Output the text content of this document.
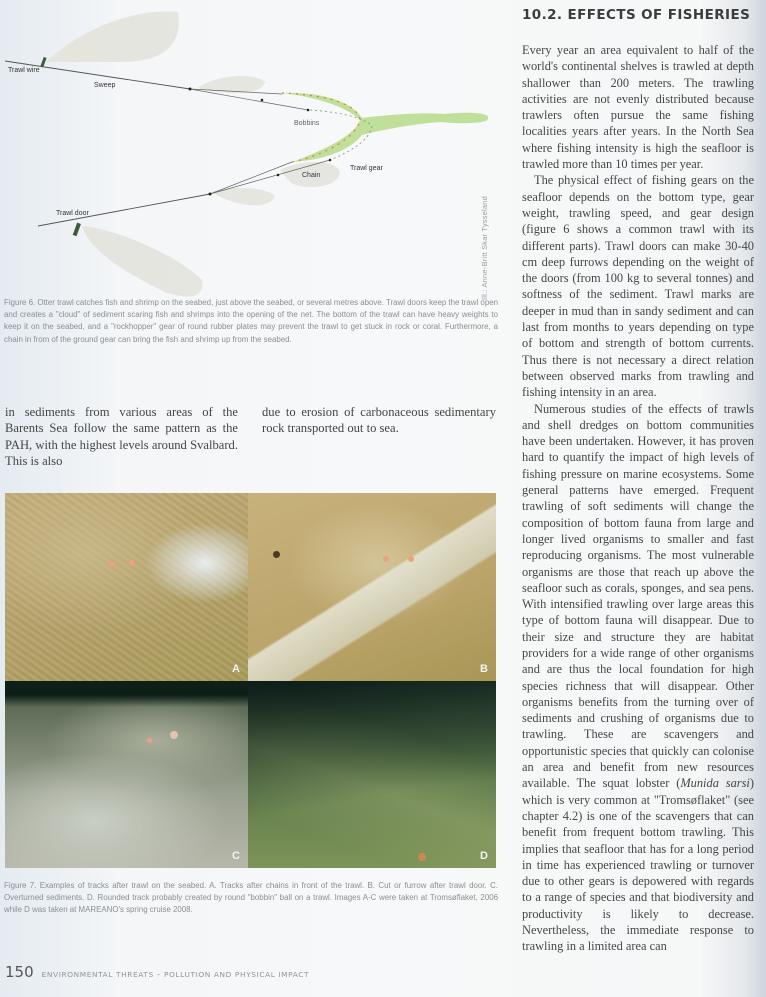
Trawl wire
Sweep
Bobbins
Trawl gear
Chain
Trawl door	Ill.: Anne-Britt Skar Tysseland
Figure 6. Otter trawl catches fish and shrimp on the seabed, just above the seabed, or several metres above. Trawl doors keep the trawl open and creates a "cloud" of sediment scaring fish and shrimps into the opening of the net. The bottom of the trawl can have heavy weights to keep it on the seabed, and a "rockhopper" gear of round rubber plates may prevent the trawl to get stuck in rock or coral. Furthermore, a chain in from of the ground gear can bring the fish and shrimp up from the seabed.
in sediments from various areas of the Barents Sea follow the same pattern as the PAH, with the highest levels around Svalbard. This is also
due to erosion of carbonaceous sedimentary rock transported out to sea.
10.2. EFFECTS OF FISHERIES

Every year an area equivalent to half of the world's continental shelves is trawled at depth shallower than 200 meters. The trawling activities are not evenly distributed because trawlers often pursue the same fishing localities years after years. In the North Sea where fishing intensity is high the seafloor is trawled more than 10 times per year.

The physical effect of fishing gears on the seafloor depends on the bottom type, gear weight, trawling speed, and gear design (figure 6 shows a common trawl with its different parts). Trawl doors can make 30-40 cm deep furrows depending on the weight of the doors (from 100 kg to several tonnes) and softness of the sediment. Trawl marks are deeper in mud than in sandy sediment and can last from months to years depending on type of bottom and strength of bottom currents. Thus there is not necessary a direct relation between observed marks from trawling and fishing intensity in an area.

Numerous studies of the effects of trawls and shell dredges on bottom communities have been undertaken. However, it has proven hard to quantify the impact of high levels of fishing pressure on marine ecosystems. Some general patterns have emerged. Frequent trawling of soft sediments will change the composition of bottom fauna from large and longer lived organisms to smaller and fast reproducing organisms. The most vulnerable organisms are those that reach up above the seafloor such as corals, sponges, and sea pens. With intensified trawling over large areas this type of bottom fauna will disappear. Due to their size and structure they are habitat providers for a wide range of other organisms and are thus the local foundation for high species richness that will disappear. Other organisms benefits from the turning over of sediments and crushing of organisms due to trawling. These are scavengers and opportunistic species that quickly can colonise an area and benefit from new resources available. The squat lobster (Munida sarsi) which is very common at "Tromsøflaket" (see chapter 4.2) is one of the scavengers that can benefit from frequent bottom trawling. This implies that seafloor that has for a long period in time has experienced trawling or turnover due to other gears is depowered with regards to a range of species and that biodiversity and productivity is likely to decrease. Nevertheless, the immediate response to trawling in a limited area can

A	B
C	D
Figure 7. Examples of tracks after trawl on the seabed. A. Tracks after chains in front of the trawl. B. Cut or furrow after trawl door. C. Overturned sediments. D. Rounded track probably created by round "bobbin" ball on a trawl. Images A-C were taken at Tromsøflaket, 2006 while D was taken at MAREANO's spring cruise 2008.
150 ENVIRONMENTAL THREATS – POLLUTION AND PHYSICAL IMPACT
